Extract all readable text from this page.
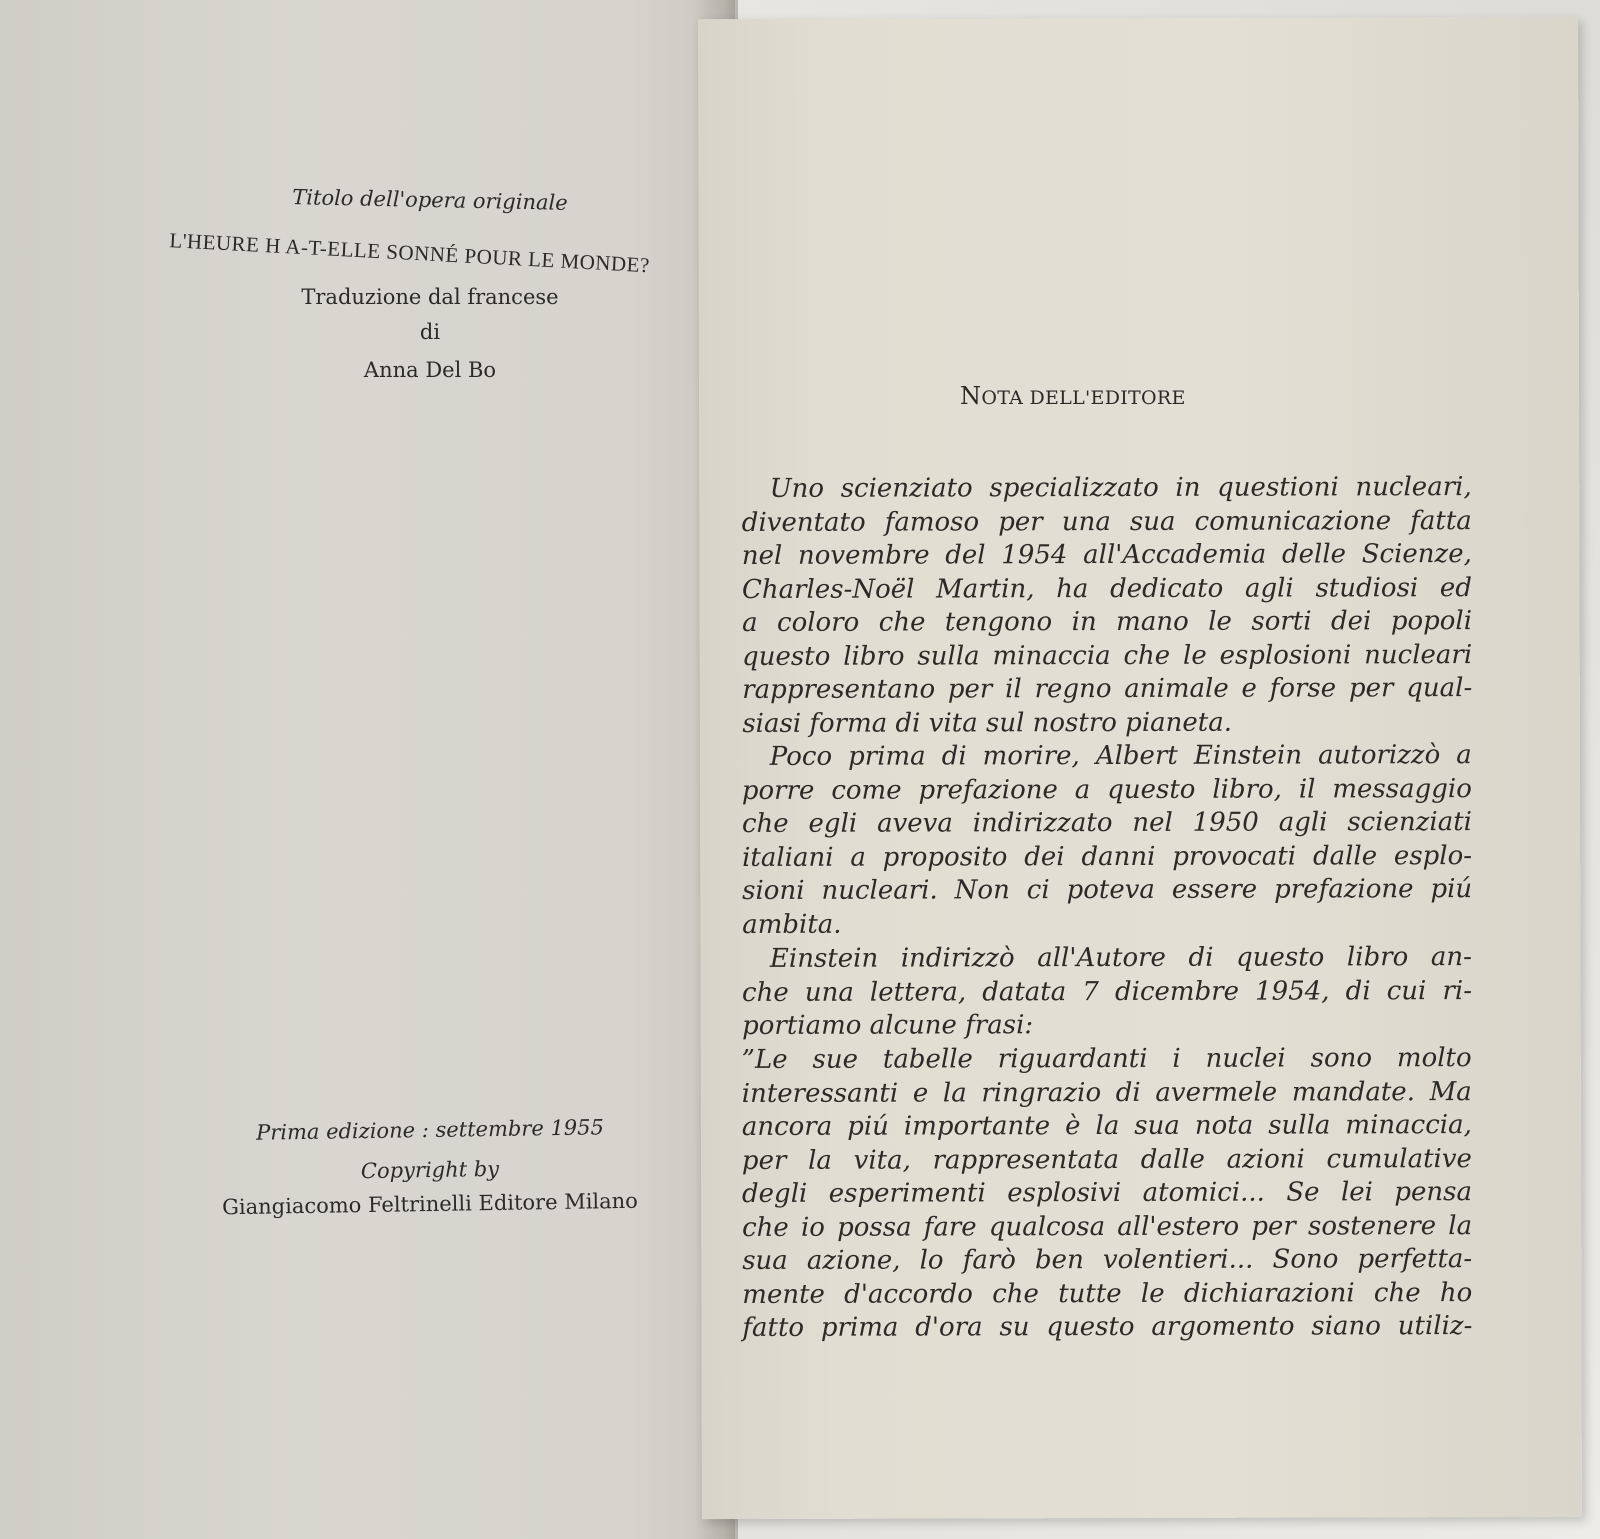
Titolo dell'opera originale
L'HEURE H A-T-ELLE SONNÉ POUR LE MONDE?
Traduzione dal francese
di
Anna Del Bo
Prima edizione : settembre 1955
Copyright by
Giangiacomo Feltrinelli Editore Milano
NOTA DELL'EDITORE
Uno scienziato specializzato in questioni nucleari,
diventato famoso per una sua comunicazione fatta
nel novembre del 1954 all'Accademia delle Scienze,
Charles-Noël Martin, ha dedicato agli studiosi ed
a coloro che tengono in mano le sorti dei popoli
questo libro sulla minaccia che le esplosioni nucleari
rappresentano per il regno animale e forse per qual-
siasi forma di vita sul nostro pianeta.
Poco prima di morire, Albert Einstein autorizzò a
porre come prefazione a questo libro, il messaggio
che egli aveva indirizzato nel 1950 agli scienziati
italiani a proposito dei danni provocati dalle esplo-
sioni nucleari. Non ci poteva essere prefazione piú
ambita.
Einstein indirizzò all'Autore di questo libro an-
che una lettera, datata 7 dicembre 1954, di cui ri-
portiamo alcune frasi:
”Le sue tabelle riguardanti i nuclei sono molto
interessanti e la ringrazio di avermele mandate. Ma
ancora piú importante è la sua nota sulla minaccia,
per la vita, rappresentata dalle azioni cumulative
degli esperimenti esplosivi atomici... Se lei pensa
che io possa fare qualcosa all'estero per sostenere la
sua azione, lo farò ben volentieri... Sono perfetta-
mente d'accordo che tutte le dichiarazioni che ho
fatto prima d'ora su questo argomento siano utiliz-
